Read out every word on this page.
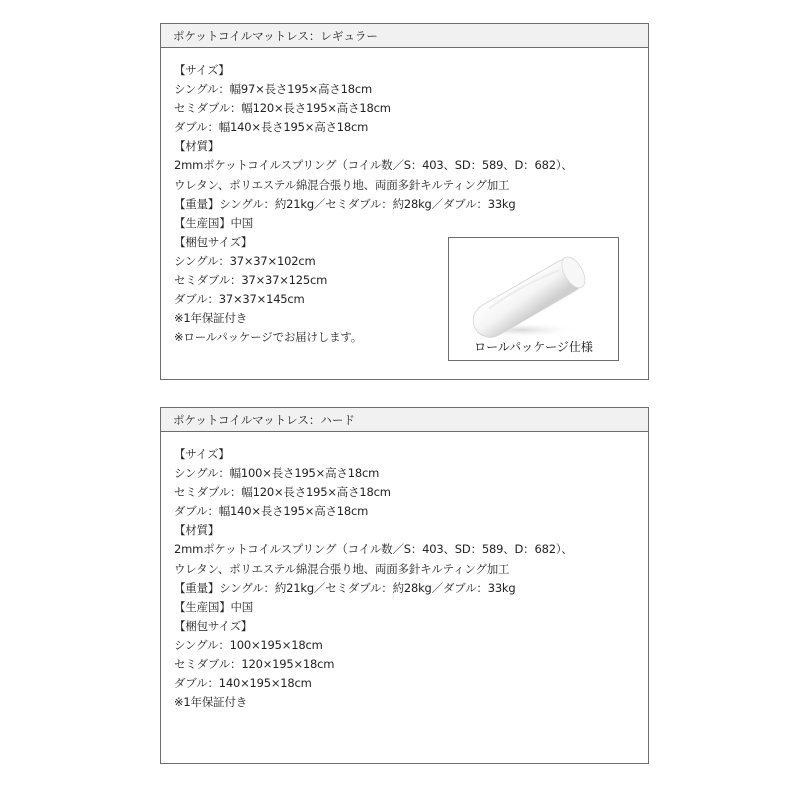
ポケットコイルマットレス：レギュラー
【サイズ】
シングル：幅97×長さ195×高さ18cm
セミダブル：幅120×長さ195×高さ18cm
ダブル：幅140×長さ195×高さ18cm
【材質】
2mmポケットコイルスプリング（コイル数／S：403、SD：589、D：682）、
ウレタン、ポリエステル綿混合張り地、両面多針キルティング加工
【重量】シングル：約21kg／セミダブル：約28kg／ダブル：33kg
【生産国】中国
【梱包サイズ】
シングル：37×37×102cm
セミダブル：37×37×125cm
ダブル：37×37×145cm
※1年保証付き
※ロールパッケージでお届けします。
ロールパッケージ仕様
ポケットコイルマットレス：ハード
【サイズ】
シングル：幅100×長さ195×高さ18cm
セミダブル：幅120×長さ195×高さ18cm
ダブル：幅140×長さ195×高さ18cm
【材質】
2mmポケットコイルスプリング（コイル数／S：403、SD：589、D：682）、
ウレタン、ポリエステル綿混合張り地、両面多針キルティング加工
【重量】シングル：約21kg／セミダブル：約28kg／ダブル：33kg
【生産国】中国
【梱包サイズ】
シングル：100×195×18cm
セミダブル：120×195×18cm
ダブル：140×195×18cm
※1年保証付き
